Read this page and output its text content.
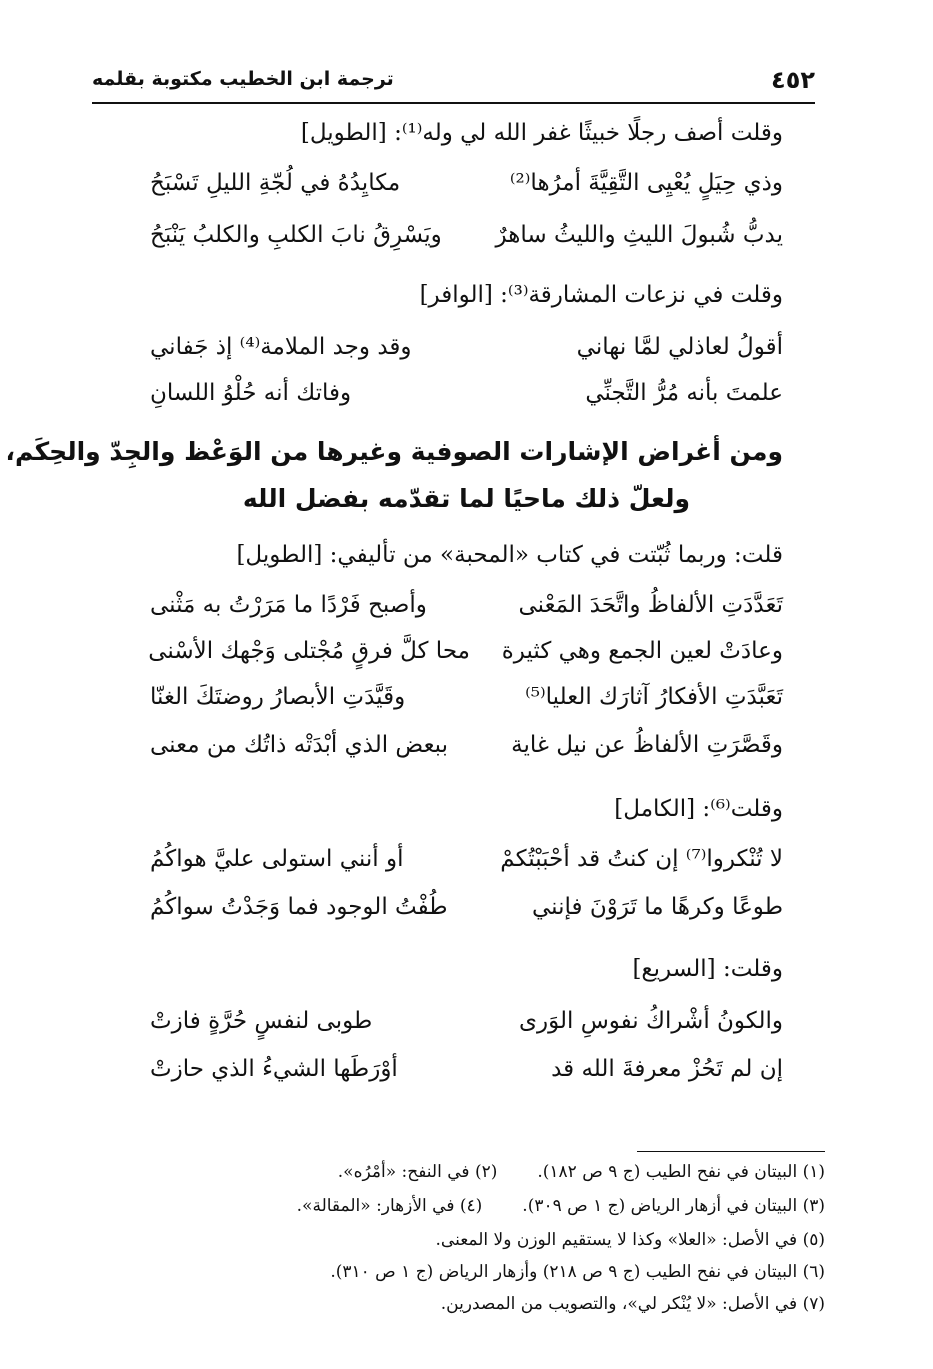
٤٥٢
ترجمة ابن الخطيب مكتوبة بقلمه
وقلت أصف رجلًا خبيثًا غفر الله لي وله⁽¹⁾: [الطويل]
وذي حِيَلٍ يُعْيِى التَّقِيَّةَ أمرُها⁽²⁾
مكايِدُهُ في لُجّةِ الليلِ تَسْبَحُ
يدبُّ شُبولَ الليثِ والليثُ ساهرٌ
ويَسْرِقُ نابَ الكلبِ والكلبُ يَنْبَحُ
وقلت في نزعات المشارقة⁽³⁾: [الوافر]
أقولُ لعاذلي لمَّا نهاني
وقد وجد الملامة⁽⁴⁾ إذ جَفاني
علمتَ بأنه مُرُّ التَّجنِّي
وفاتك أنه حُلْوُ اللسانِ
ومن أغراض الإشارات الصوفية وغيرها من الوَعْظ والجِدّ والحِكَم،
ولعلّ ذلك ماحيًا لما تقدّمه بفضل الله
قلت: وربما ثُبّتت في كتاب «المحبة» من تأليفي: [الطويل]
تَعَدَّدَتِ الألفاظُ واتَّحَدَ المَعْنى
وأصبح فَرْدًا ما مَرَرْتُ به مَثْنى
وعادَتْ لعين الجمع وهي كثيرة
محا كلَّ فرقٍ مُجْتلى وَجْهك الأسْنى
تَعَبَّدَتِ الأفكارُ آثارَك العليا⁽⁵⁾
وقَيَّدَتِ الأبصارُ روضتَكَ الغنّا
وقَصَّرَتِ الألفاظُ عن نيل غاية
ببعض الذي أبْدَتْه ذاتُك من معنى
وقلت⁽⁶⁾: [الكامل]
لا تُنْكروا⁽⁷⁾ إن كنتُ قد أحْبَبْتُكمْ
أو أنني استولى عليَّ هواكُمُ
طوعًا وكرهًا ما تَرَوْنَ فإنني
طُفْتُ الوجود فما وَجَدْتُ سواكُمُ
وقلت: [السريع]
والكونُ أشْراكُ نفوسِ الوَرى
طوبى لنفسٍ حُرَّةٍ فازتْ
إن لم تَحُزْ معرفةَ الله قد
أوْرَطَها الشيءُ الذي حازتْ
(١) البيتان في نفح الطيب (ج ٩ ص ١٨٢).(٢) في النفح: «أمْرُه».
(٣) البيتان في أزهار الرياض (ج ١ ص ٣٠٩).(٤) في الأزهار: «المقالة».
(٥) في الأصل: «العلا» وكذا لا يستقيم الوزن ولا المعنى.
(٦) البيتان في نفح الطيب (ج ٩ ص ٢١٨) وأزهار الرياض (ج ١ ص ٣١٠).
(٧) في الأصل: «لا يُنْكر لي»، والتصويب من المصدرين.
